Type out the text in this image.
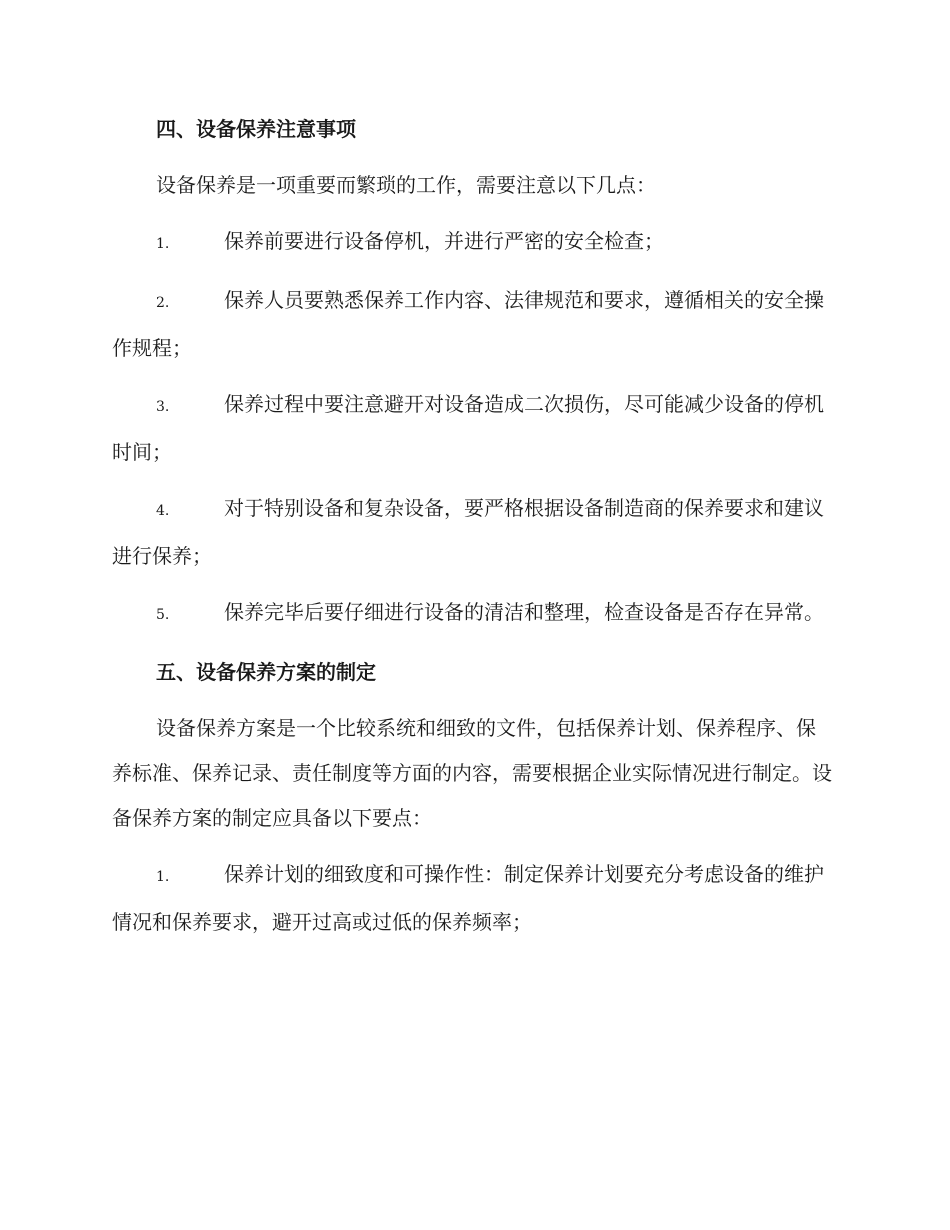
四、设备保养注意事项

设备保养是一项重要而繁琐的工作，需要注意以下几点：

1.	保养前要进行设备停机，并进行严密的安全检查；

2.	保养人员要熟悉保养工作内容、法律规范和要求，遵循相关的安全操作规程；

3.	保养过程中要注意避开对设备造成二次损伤，尽可能减少设备的停机时间；

4.	对于特别设备和复杂设备，要严格根据设备制造商的保养要求和建议进行保养；

5.	保养完毕后要仔细进行设备的清洁和整理，检查设备是否存在异常。

五、设备保养方案的制定

设备保养方案是一个比较系统和细致的文件，包括保养计划、保养程序、保养标准、保养记录、责任制度等方面的内容，需要根据企业实际情况进行制定。设备保养方案的制定应具备以下要点：

1.	保养计划的细致度和可操作性：制定保养计划要充分考虑设备的维护情况和保养要求，避开过高或过低的保养频率；
